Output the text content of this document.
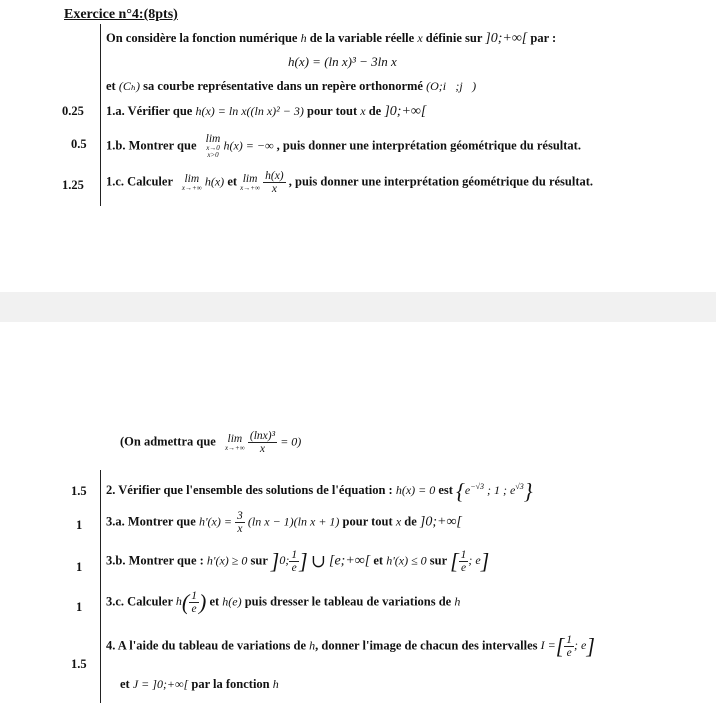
Exercice n°4:(8pts)
On considère la fonction numérique h de la variable réelle x définie sur ]0;+∞[ par :
h(x) = (ln x)³ − 3ln x
et (Cₕ) sa courbe représentative dans un repère orthonormé (O;i⃗;j⃗)
0.25 1.a. Vérifier que h(x) = ln x((ln x)² − 3) pour tout x de ]0;+∞[
0.5 1.b. Montrer que lim
x→0
x>0
h(x) = −∞ , puis donner une interprétation géométrique du résultat.
1.25 1.c. Calculer lim
x→+∞ h(x) et lim
x→+∞
$\frac{h(x)}{x}$ , puis donner une interprétation géométrique du résultat.
(On admettra que lim
x→+∞
$\frac{\text{(lnx)³}}{x} = 0$)
1.5 2. Vérifier que l'ensemble des solutions de l'équation : h(x) = 0 est {$e^{-√3}$ ; 1 ; $e^{√3}$}
1 3.a. Montrer que $h'(x) = \frac{3}{x} (\ln$ x − 1)(ln x + 1) pour tout x de ]0;+∞[
1 3.b. Montrer que : h'(x) ≥ 0 sur ]0; $\frac{1}{e}$ ] ∪ [e;+∞[ et h'(x) ≤ 0 sur [ $\frac{1}{e}$ ; e]
1 3.c. Calculer $h( \frac{1}{e}$ ) et h(e) puis dresser le tableau de variations de h
1.5
4. A l'aide du tableau de variations de h, donner l'image de chacun des intervalles I =[ $\frac{1}{e}$ ; e]
et J = ]0;+∞[ par la fonction h
